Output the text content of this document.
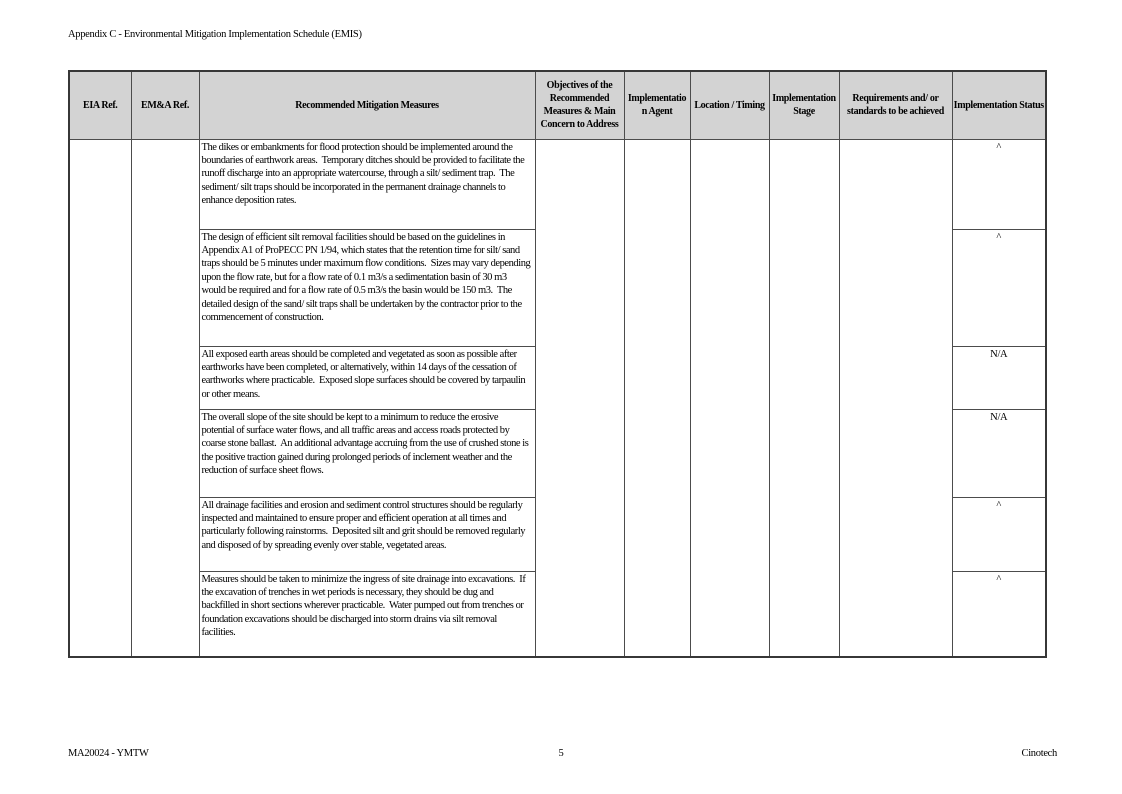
Appendix C - Environmental Mitigation Implementation Schedule (EMIS)
EIA Ref.	EM&A Ref.	Recommended Mitigation Measures	Objectives of the Recommended Measures & Main Concern to Address	Implementation Agent	Location / Timing	Implementation Stage	Requirements and/ or standards to be achieved	Implementation Status
		The dikes or embankments for flood protection should be implemented around the boundaries of earthwork areas.  Temporary ditches should be provided to facilitate the runoff discharge into an appropriate watercourse, through a silt/ sediment trap.  The sediment/ silt traps should be incorporated in the permanent drainage channels to enhance deposition rates.						^
		The design of efficient silt removal facilities should be based on the guidelines in Appendix A1 of ProPECC PN 1/94, which states that the retention time for silt/ sand traps should be 5 minutes under maximum flow conditions.  Sizes may vary depending upon the flow rate, but for a flow rate of 0.1 m3/s a sedimentation basin of 30 m3 would be required and for a flow rate of 0.5 m3/s the basin would be 150 m3.  The detailed design of the sand/ silt traps shall be undertaken by the contractor prior to the commencement of construction.						^
		All exposed earth areas should be completed and vegetated as soon as possible after earthworks have been completed, or alternatively, within 14 days of the cessation of earthworks where practicable.  Exposed slope surfaces should be covered by tarpaulin or other means.						N/A
		The overall slope of the site should be kept to a minimum to reduce the erosive potential of surface water flows, and all traffic areas and access roads protected by coarse stone ballast.  An additional advantage accruing from the use of crushed stone is the positive traction gained during prolonged periods of inclement weather and the reduction of surface sheet flows.						N/A
		All drainage facilities and erosion and sediment control structures should be regularly inspected and maintained to ensure proper and efficient operation at all times and particularly following rainstorms.  Deposited silt and grit should be removed regularly and disposed of by spreading evenly over stable, vegetated areas.						^
		Measures should be taken to minimize the ingress of site drainage into excavations.  If the excavation of trenches in wet periods is necessary, they should be dug and backfilled in short sections wherever practicable.  Water pumped out from trenches or foundation excavations should be discharged into storm drains via silt removal facilities.						^
MA20024 - YMTW	5	Cinotech
